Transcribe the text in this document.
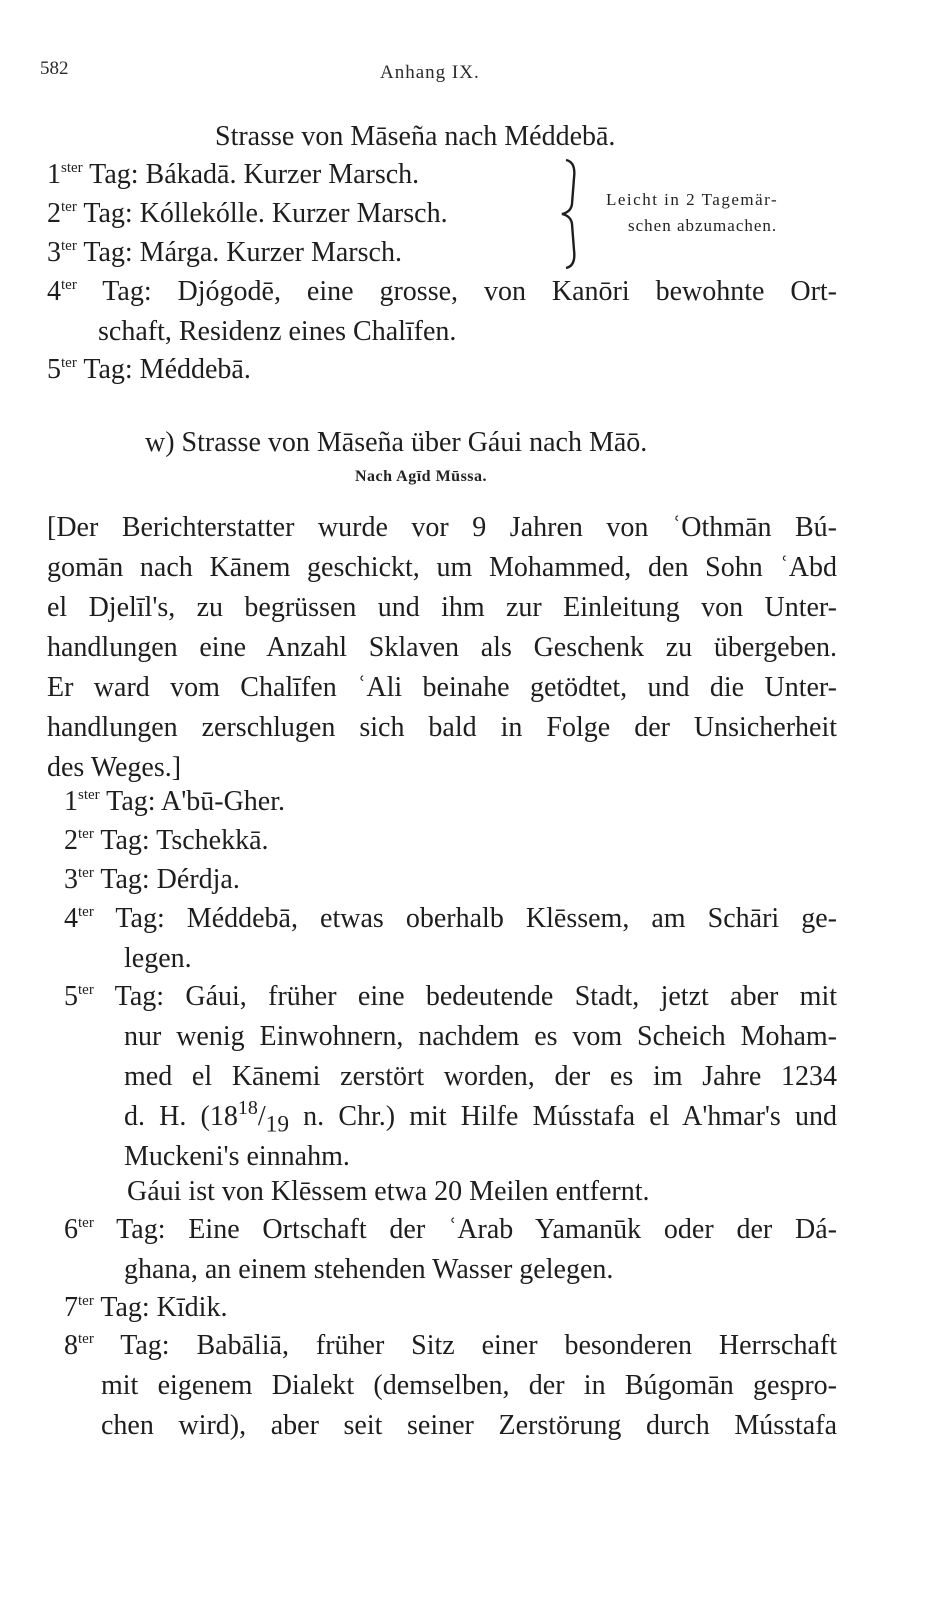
582	Anhang IX.
Strasse von Māseña nach Méddebā.
$1^{ster}$ Tag: Bákadā. Kurzer Marsch.
$2^{ter}$ Tag: Kóllekólle. Kurzer Marsch.
$3^{ter}$ Tag: Márga. Kurzer Marsch.
Leicht in 2 Tagemär-
schen abzumachen.
$4^{ter}$ Tag: Djógodē, eine grosse, von Kanōri bewohnte Ort-
schaft, Residenz eines Chalīfen.
$5^{ter}$ Tag: Méddebā.
w) Strasse von Māseña über Gáui nach Māō.
Nach Agīd Mūssa.
[Der Berichterstatter wurde vor 9 Jahren von ʿOthmān Bú-
gomān nach Kānem geschickt, um Mohammed, den Sohn ʿAbd
el Djelīl's, zu begrüssen und ihm zur Einleitung von Unter-
handlungen eine Anzahl Sklaven als Geschenk zu übergeben.
Er ward vom Chalīfen ʿAli beinahe getödtet, und die Unter-
handlungen zerschlugen sich bald in Folge der Unsicherheit
des Weges.]
$1^{ster}$ Tag: A'bū-Gher.
$2^{ter}$ Tag: Tschekkā.
$3^{ter}$ Tag: Dérdja.
$4^{ter}$ Tag: Méddebā, etwas oberhalb Klēssem, am Schāri ge-
legen.
$5^{ter}$ Tag: Gáui, früher eine bedeutende Stadt, jetzt aber mit
nur wenig Einwohnern, nachdem es vom Scheich Moham-
med el Kānemi zerstört worden, der es im Jahre 1234
d. H. ($18^{18}/_{19}$ n. Chr.) mit Hilfe Músstafa el A'hmar's und
Muckeni's einnahm.
Gáui ist von Klēssem etwa 20 Meilen entfernt.
$6^{ter}$ Tag: Eine Ortschaft der ʿArab Yamanūk oder der Dá-
ghana, an einem stehenden Wasser gelegen.
$7^{ter}$ Tag: Kīdik.
$8^{ter}$ Tag: Babāliā, früher Sitz einer besonderen Herrschaft
mit eigenem Dialekt (demselben, der in Búgomān gespro-
chen wird), aber seit seiner Zerstörung durch Músstafa
